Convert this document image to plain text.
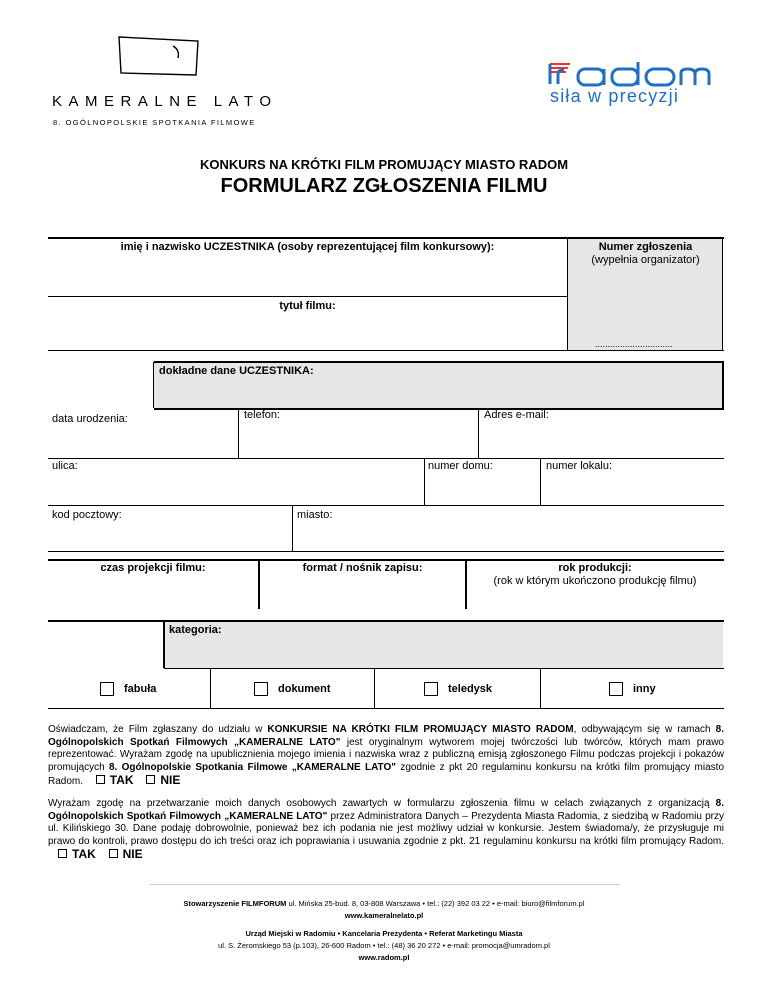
KAMERALNE LATO
8. OGÓLNOPOLSKIE SPOTKANIA FILMOWE
RADOM
siła w precyzji
KONKURS NA KRÓTKI FILM PROMUJĄCY MIASTO RADOM
FORMULARZ ZGŁOSZENIA FILMU
imię i nazwisko UCZESTNIKA (osoby reprezentującej film konkursowy):	Numer zgłoszenia
(wypełnia organizator)
...............................
tytuł filmu:
dokładne dane UCZESTNIKA:
data urodzenia:	telefon:	Adres e-mail:
ulica:	numer domu:	numer lokalu:
kod pocztowy:	miasto:
czas projekcji filmu:	format / nośnik zapisu:	rok produkcji:
(rok w którym ukończono produkcję filmu)
kategoria:
fabuła	dokument	teledysk	inny
Oświadczam, że Film zgłaszany do udziału w KONKURSIE NA KRÓTKI FILM PROMUJĄCY MIASTO RADOM, odbywającym się w ramach 8. Ogólnopolskich Spotkań Filmowych „KAMERALNE LATO" jest oryginalnym wytworem mojej twórczości lub twórców, których mam prawo reprezentować. Wyrażam zgodę na upublicznienia mojego imienia i nazwiska wraz z publiczną emisją zgłoszonego Filmu podczas projekcji i pokazów promujących 8. Ogólnopolskie Spotkania Filmowe „KAMERALNE LATO" zgodnie z pkt 20 regulaminu konkursu na krótki film promujący miasto Radom. TAK NIE
Wyrażam zgodę na przetwarzanie moich danych osobowych zawartych w formularzu zgłoszenia filmu w celach związanych z organizacją 8. Ogólnopolskich Spotkań Filmowych „KAMERALNE LATO" przez Administratora Danych – Prezydenta Miasta Radomia, z siedzibą w Radomiu przy ul. Kilińskiego 30. Dane podaję dobrowolnie, ponieważ bez ich podania nie jest możliwy udział w konkursie. Jestem świadoma/y, że przysługuje mi prawo do kontroli, prawo dostępu do ich treści oraz ich poprawiania i usuwania zgodnie z pkt. 21 regulaminu konkursu na krótki film promujący Radom. TAK NIE
Stowarzyszenie FILMFORUM ul. Mińska 25-bud. 8, 03-808 Warszawa • tel.: (22) 392 03 22 • e-mail: biuro@filmforum.pl
www.kameralnelato.pl
Urząd Miejski w Radomiu • Kancelaria Prezydenta • Referat Marketingu Miasta
ul. S. Żeromskiego 53 (p.103), 26-600 Radom • tel.: (48) 36 20 272 • e-mail: promocja@umradom.pl
www.radom.pl
